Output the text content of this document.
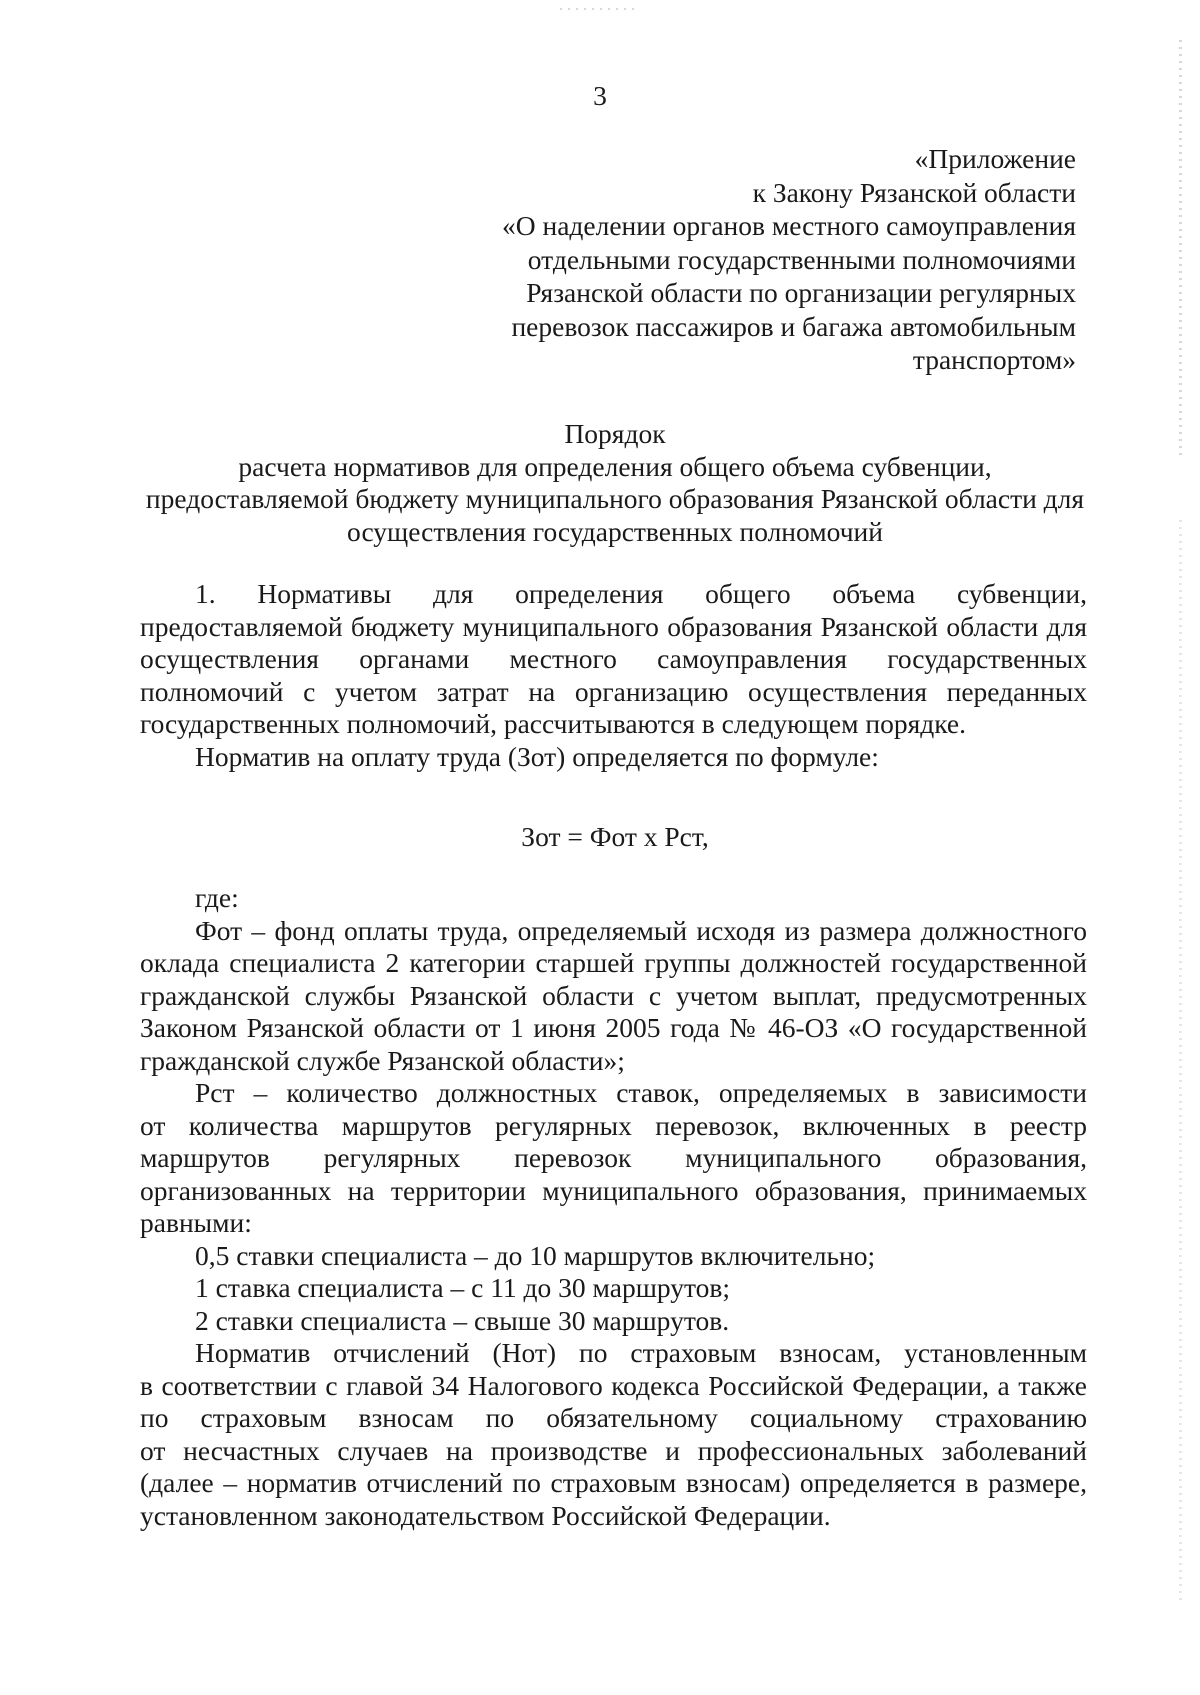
3
«Приложение
к Закону Рязанской области
«О наделении органов местного самоуправления
отдельными государственными полномочиями
Рязанской области по организации регулярных
перевозок пассажиров и багажа автомобильным
транспортом»
Порядок
расчета нормативов для определения общего объема субвенции,
предоставляемой бюджету муниципального образования Рязанской области для
осуществления государственных полномочий
1. Нормативы для определения общего объема субвенции,
предоставляемой бюджету муниципального образования Рязанской области для
осуществления органами местного самоуправления государственных
полномочий с учетом затрат на организацию осуществления переданных
государственных полномочий, рассчитываются в следующем порядке.
Норматив на оплату труда (Зот) определяется по формуле:
Зот = Фот х Рст,
где:
Фот – фонд оплаты труда, определяемый исходя из размера должностного
оклада специалиста 2 категории старшей группы должностей государственной
гражданской службы Рязанской области с учетом выплат, предусмотренных
Законом Рязанской области от 1 июня 2005 года № 46-ОЗ «О государственной
гражданской службе Рязанской области»;
Рст – количество должностных ставок, определяемых в зависимости
от количества маршрутов регулярных перевозок, включенных в реестр
маршрутов регулярных перевозок муниципального образования,
организованных на территории муниципального образования, принимаемых
равными:
0,5 ставки специалиста – до 10 маршрутов включительно;
1 ставка специалиста – с 11 до 30 маршрутов;
2 ставки специалиста – свыше 30 маршрутов.
Норматив отчислений (Нот) по страховым взносам, установленным
в соответствии с главой 34 Налогового кодекса Российской Федерации, а также
по страховым взносам по обязательному социальному страхованию
от несчастных случаев на производстве и профессиональных заболеваний
(далее – норматив отчислений по страховым взносам) определяется в размере,
установленном законодательством Российской Федерации.
